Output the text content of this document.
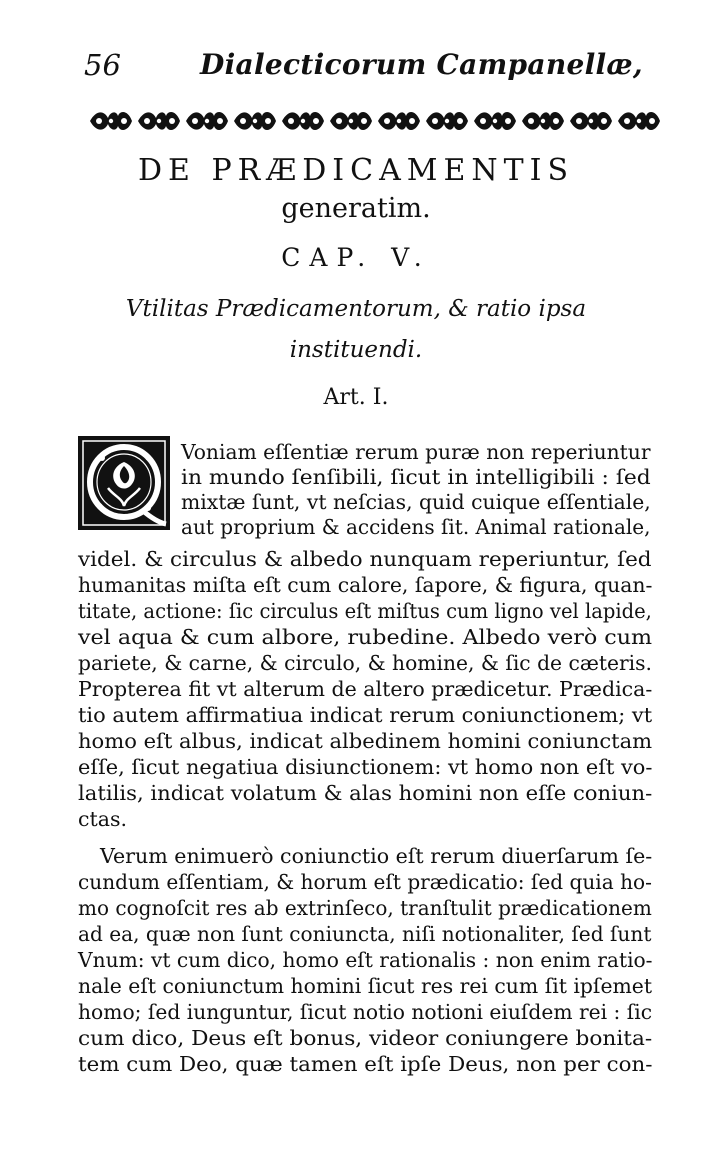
56	Dialecticorum Campanellæ,
DE PRÆDICAMENTIS
generatim.
CAP. V.
Vtilitas Prædicamentorum, & ratio ipsa
instituendi.
Art. I.
Voniam eſſentiæ rerum puræ non reperiuntur
in mundo ſenſibili, ſicut in intelligibili : ſed
mixtæ ſunt, vt neſcias, quid cuique eſſentiale,
aut proprium & accidens ſit. Animal rationale,
videl. & circulus & albedo nunquam reperiuntur, ſed
humanitas miſta eſt cum calore, ſapore, & figura, quan-
titate, actione: ſic circulus eſt miſtus cum ligno vel lapide,
vel aqua & cum albore, rubedine. Albedo verò cum
pariete, & carne, & circulo, & homine, & ſic de cæteris.
Propterea fit vt alterum de altero prædicetur. Prædica-
tio autem affirmatiua indicat rerum coniunctionem; vt
homo eſt albus, indicat albedinem homini coniunctam
eſſe, ſicut negatiua disiunctionem: vt homo non eſt vo-
latilis, indicat volatum & alas homini non eſſe coniun-
ctas.
Verum enimuerò coniunctio eſt rerum diuerſarum ſe-
cundum eſſentiam, & horum eſt prædicatio: ſed quia ho-
mo cognoſcit res ab extrinſeco, tranſtulit prædicationem
ad ea, quæ non ſunt coniuncta, niſi notionaliter, ſed ſunt
Vnum: vt cum dico, homo eſt rationalis : non enim ratio-
nale eſt coniunctum homini ſicut res rei cum ſit ipſemet
homo; ſed iunguntur, ſicut notio notioni eiuſdem rei : ſic
cum dico, Deus eſt bonus, videor coniungere bonita-
tem cum Deo, quæ tamen eſt ipſe Deus, non per con-
